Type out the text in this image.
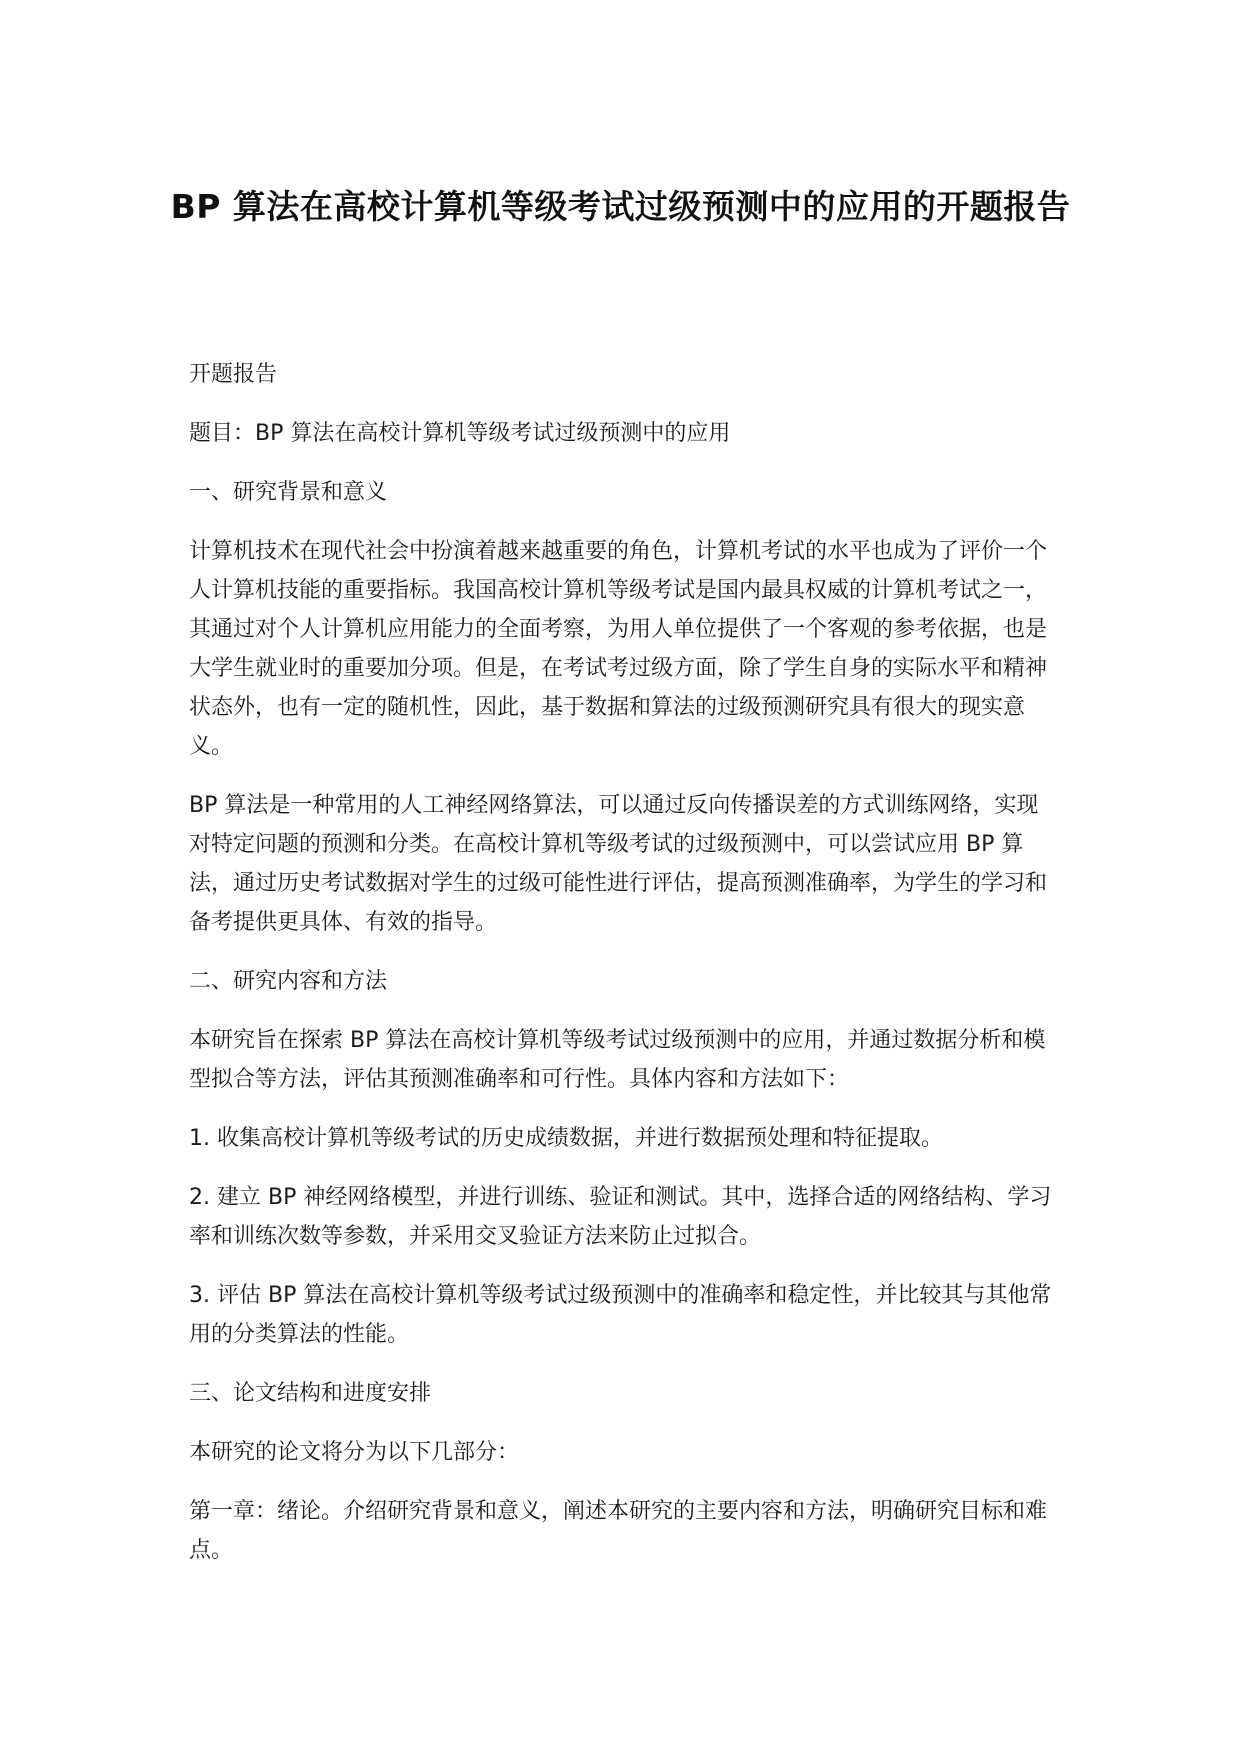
BP 算法在高校计算机等级考试过级预测中的应用的开题报告

开题报告

题目：BP 算法在高校计算机等级考试过级预测中的应用

一、研究背景和意义

计算机技术在现代社会中扮演着越来越重要的角色，计算机考试的水平也成为了评价一个人计算机技能的重要指标。我国高校计算机等级考试是国内最具权威的计算机考试之一，其通过对个人计算机应用能力的全面考察，为用人单位提供了一个客观的参考依据，也是大学生就业时的重要加分项。但是，在考试考过级方面，除了学生自身的实际水平和精神状态外，也有一定的随机性，因此，基于数据和算法的过级预测研究具有很大的现实意义。

BP 算法是一种常用的人工神经网络算法，可以通过反向传播误差的方式训练网络，实现对特定问题的预测和分类。在高校计算机等级考试的过级预测中，可以尝试应用 BP 算法，通过历史考试数据对学生的过级可能性进行评估，提高预测准确率，为学生的学习和备考提供更具体、有效的指导。

二、研究内容和方法

本研究旨在探索 BP 算法在高校计算机等级考试过级预测中的应用，并通过数据分析和模型拟合等方法，评估其预测准确率和可行性。具体内容和方法如下：

1. 收集高校计算机等级考试的历史成绩数据，并进行数据预处理和特征提取。

2. 建立 BP 神经网络模型，并进行训练、验证和测试。其中，选择合适的网络结构、学习率和训练次数等参数，并采用交叉验证方法来防止过拟合。

3. 评估 BP 算法在高校计算机等级考试过级预测中的准确率和稳定性，并比较其与其他常用的分类算法的性能。

三、论文结构和进度安排

本研究的论文将分为以下几部分：

第一章：绪论。介绍研究背景和意义，阐述本研究的主要内容和方法，明确研究目标和难点。
